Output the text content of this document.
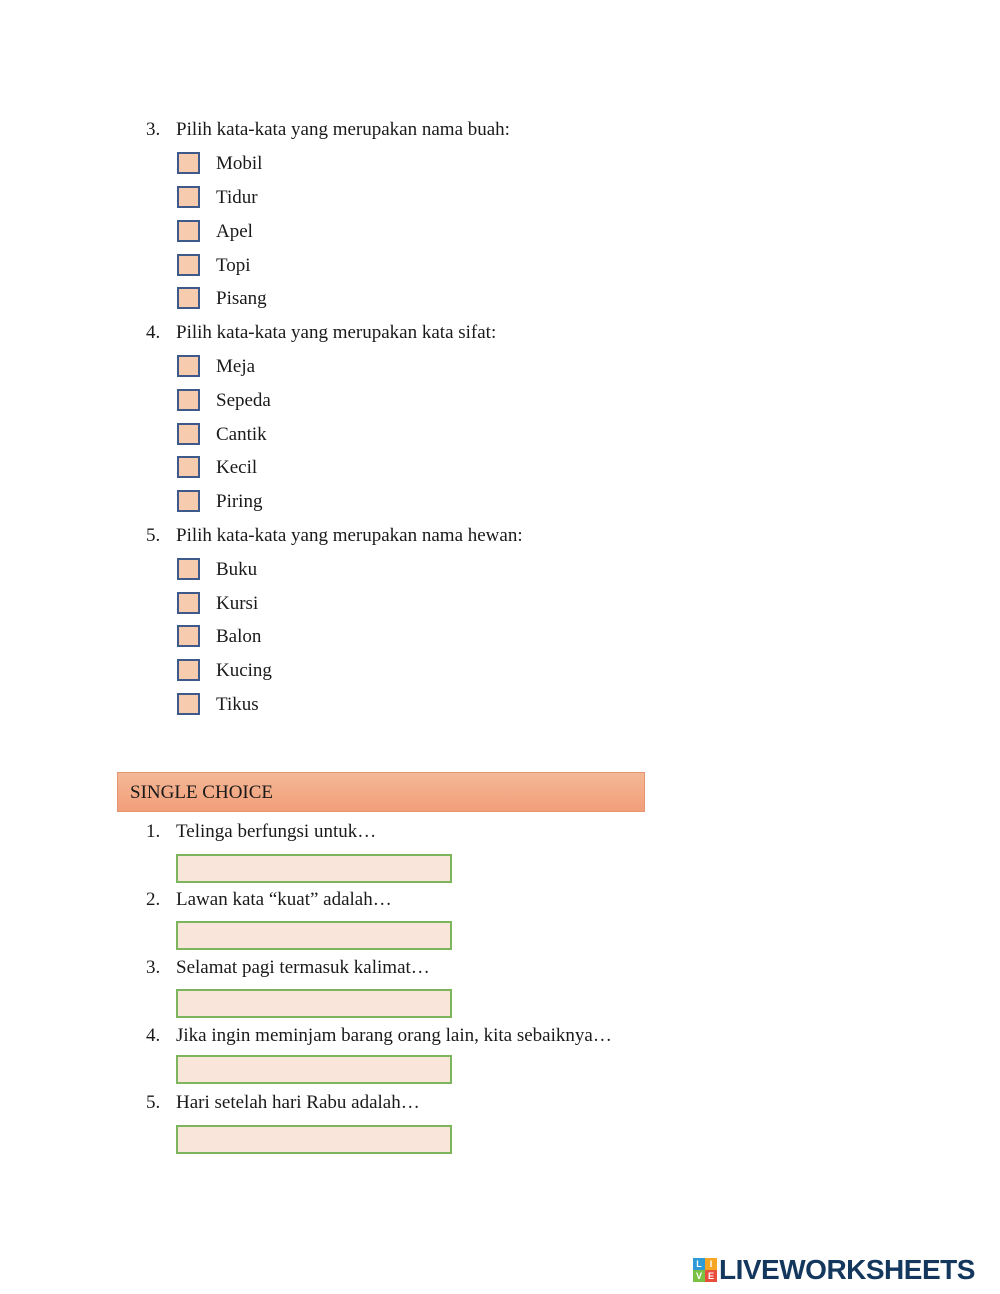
3. Pilih kata-kata yang merupakan nama buah:
Mobil
Tidur
Apel
Topi
Pisang
4. Pilih kata-kata yang merupakan kata sifat:
Meja
Sepeda
Cantik
Kecil
Piring
5. Pilih kata-kata yang merupakan nama hewan:
Buku
Kursi
Balon
Kucing
Tikus
SINGLE CHOICE
1. Telinga berfungsi untuk…
2. Lawan kata “kuat” adalah…
3. Selamat pagi termasuk kalimat…
4. Jika ingin meminjam barang orang lain, kita sebaiknya…
5. Hari setelah hari Rabu adalah…
L I
V E LIVEWORKSHEETS
